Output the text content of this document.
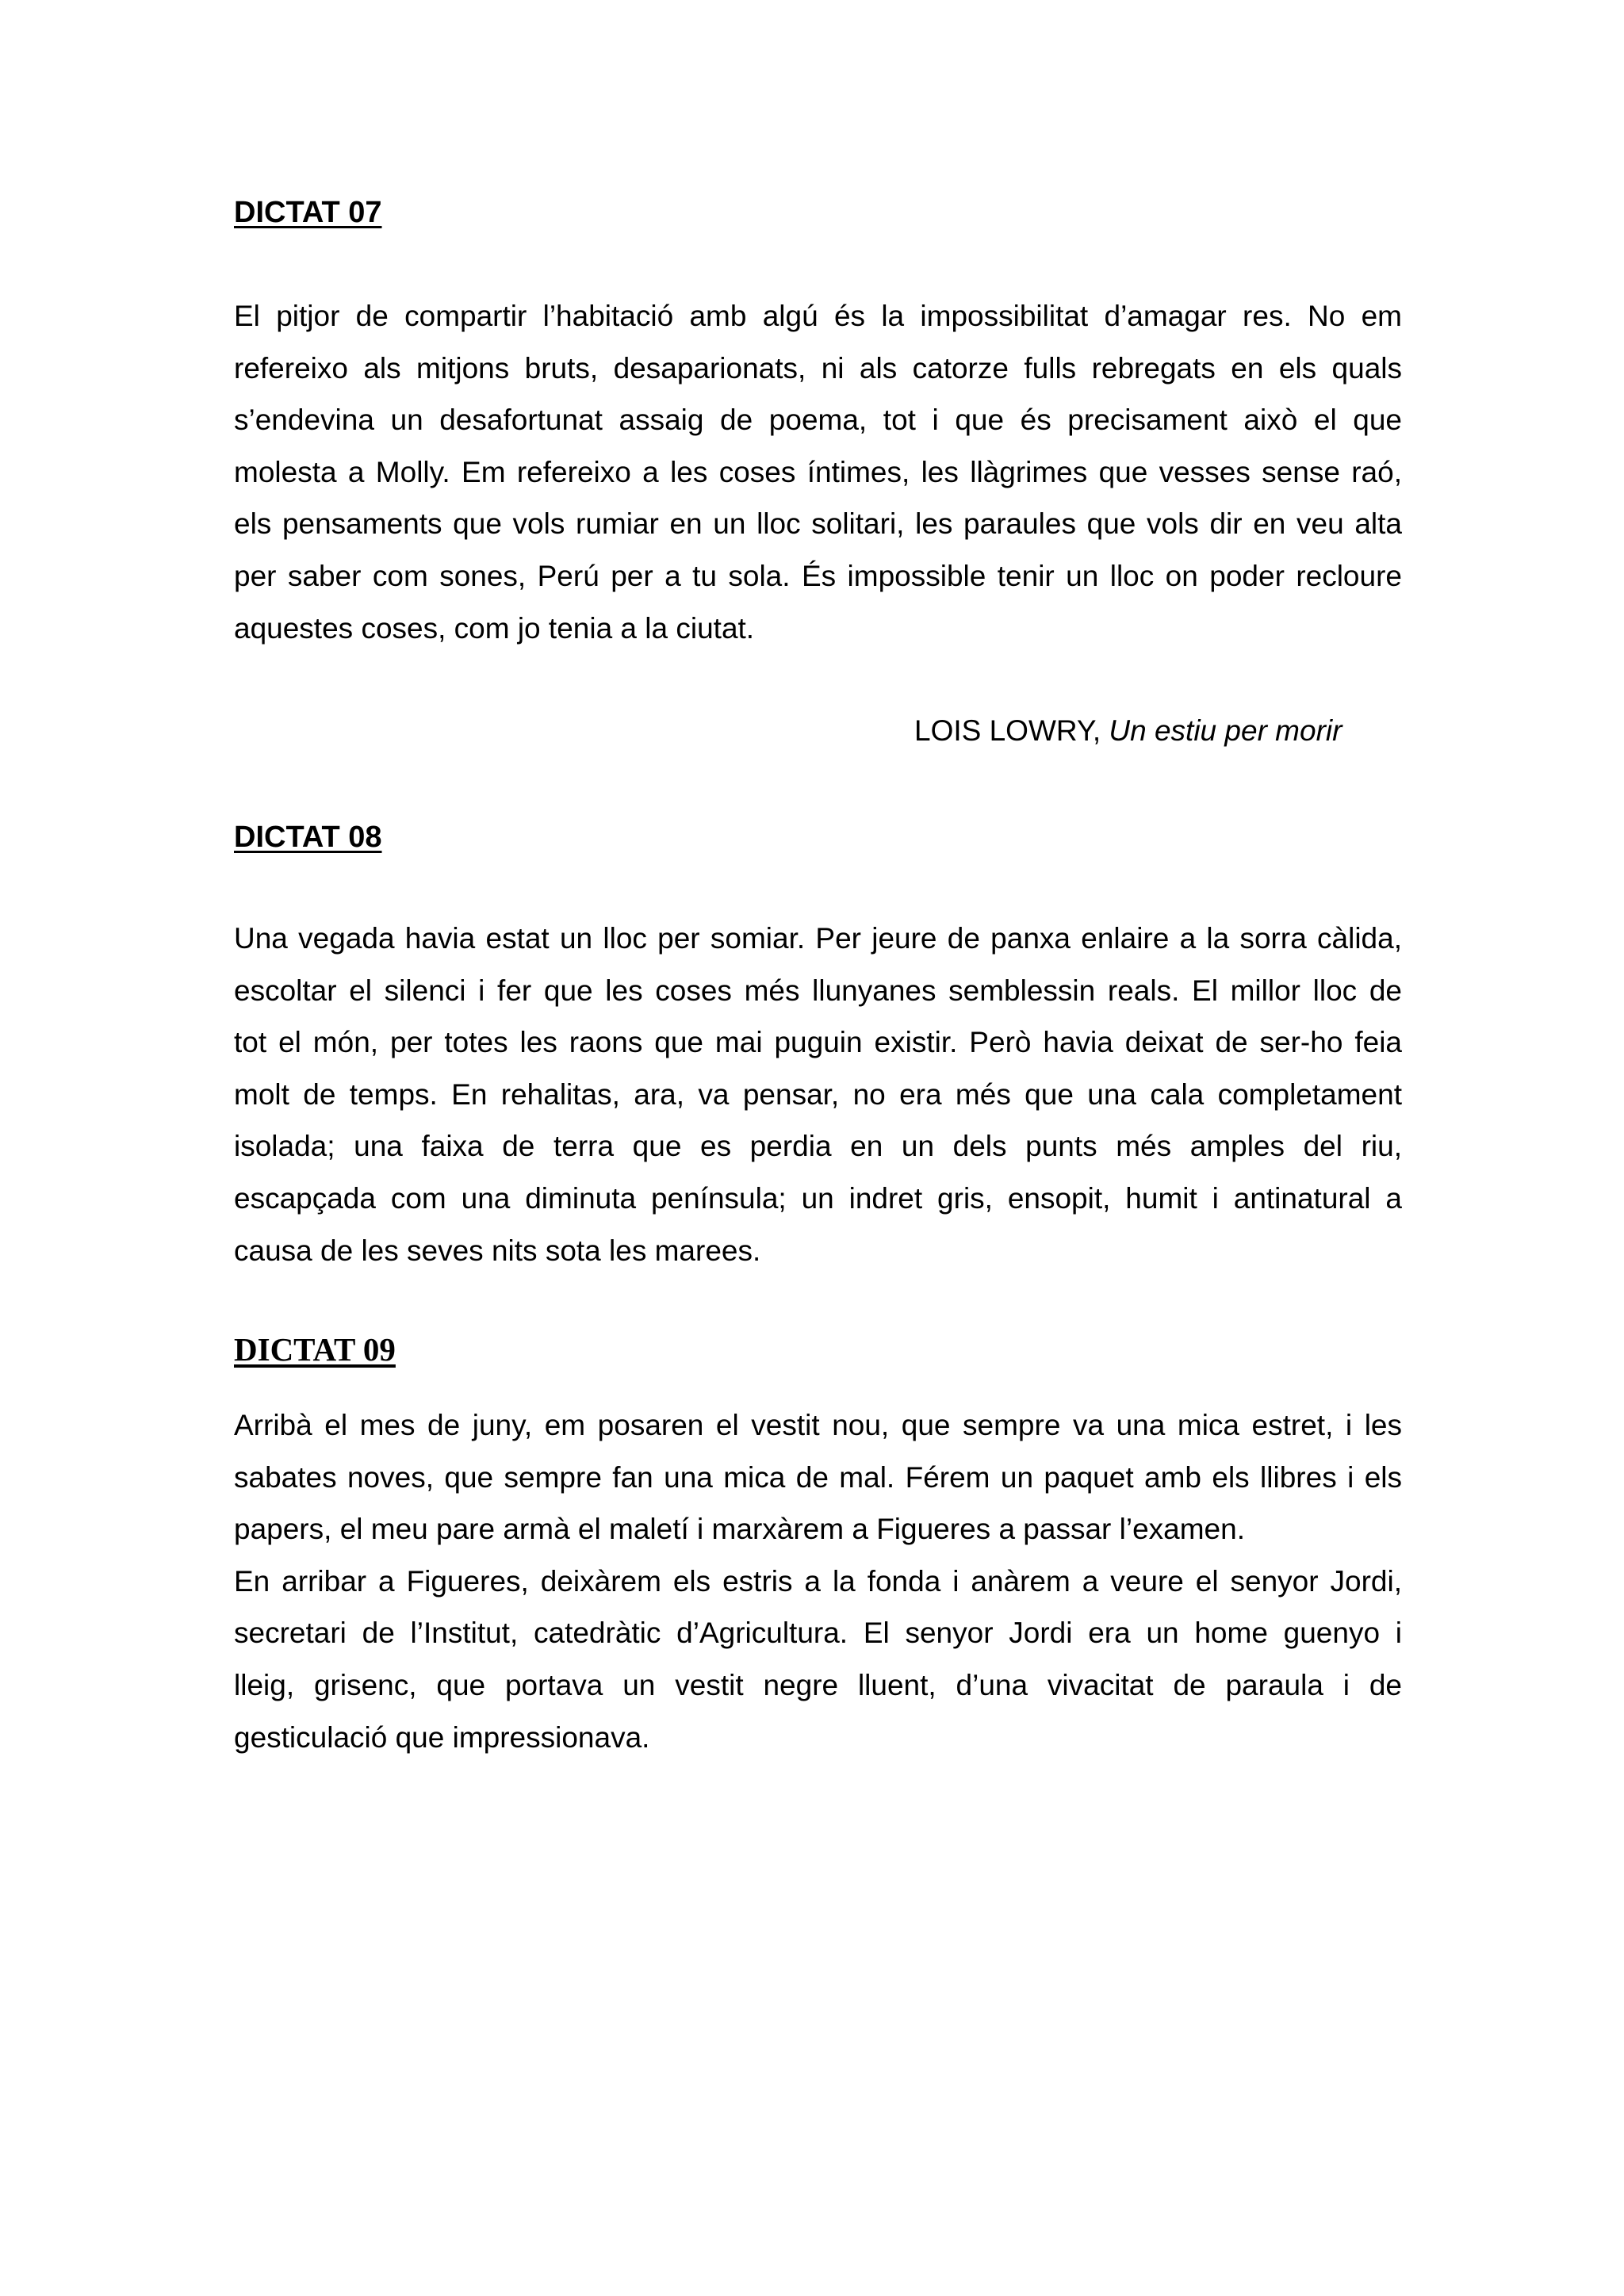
DICTAT 07
El pitjor de compartir l’habitació amb algú és la impossibilitat d’amagar res. No em
refereixo als mitjons bruts, desaparionats, ni als catorze fulls rebregats en els quals
s’endevina un desafortunat assaig de poema, tot i que és precisament això el que
molesta a Molly. Em refereixo a les coses íntimes, les llàgrimes que vesses sense raó,
els pensaments que vols rumiar en un lloc solitari, les paraules que vols dir en veu alta
per saber com sones, Perú per a tu sola. És impossible tenir un lloc on poder recloure
aquestes coses, com jo tenia a la ciutat.

LOIS LOWRY, Un estiu per morir

DICTAT 08
Una vegada havia estat un lloc per somiar. Per jeure de panxa enlaire a la sorra càlida,
escoltar el silenci i fer que les coses més llunyanes semblessin reals. El millor lloc de
tot el món, per totes les raons que mai puguin existir. Però havia deixat de ser-ho feia
molt de temps. En rehalitas, ara, va pensar, no era més que una cala completament
isolada; una faixa de terra que es perdia en un dels punts més amples del riu,
escapçada com una diminuta península; un indret gris, ensopit, humit i antinatural a
causa de les seves nits sota les marees.
DICTAT 09
Arribà el mes de juny, em posaren el vestit nou, que sempre va una mica estret, i les
sabates noves, que sempre fan una mica de mal. Férem un paquet amb els llibres i els
papers, el meu pare armà el maletí i marxàrem a Figueres a passar l’examen.
En arribar a Figueres, deixàrem els estris a la fonda i anàrem a veure el senyor Jordi,
secretari de l’Institut, catedràtic d’Agricultura. El senyor Jordi era un home guenyo i
lleig, grisenc, que portava un vestit negre lluent, d’una vivacitat de paraula i de
gesticulació que impressionava.
